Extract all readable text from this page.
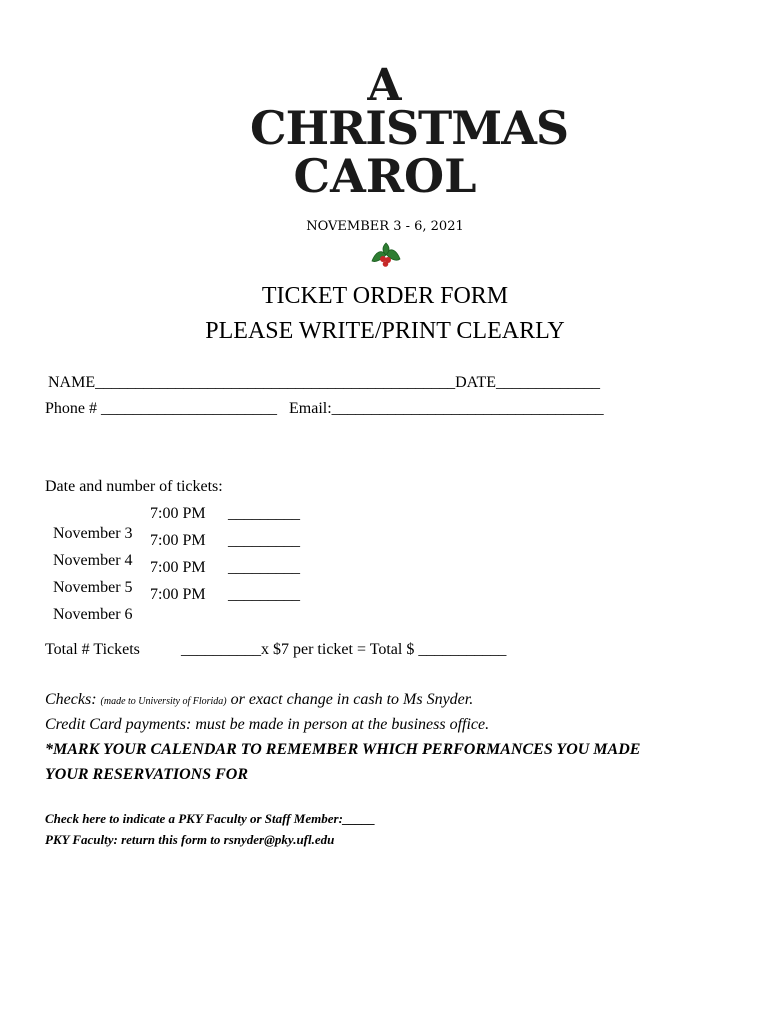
A
CHRISTMAS
CAROL
NOVEMBER 3 - 6, 2021
TICKET ORDER FORM
PLEASE WRITE/PRINT CLEARLY
NAME_____________________________________________DATE_____________
Phone # ______________________ Email:__________________________________
Date and number of tickets:

November 3

7:00 PM _________

November 4

7:00 PM _________

November 5

7:00 PM _________

November 6

7:00 PM _________
Total # Tickets	__________x $7 per ticket = Total $ ___________
Checks: (made to University of Florida) or exact change in cash to Ms Snyder.
Credit Card payments: must be made in person at the business office.
*MARK YOUR CALENDAR TO REMEMBER WHICH PERFORMANCES YOU MADE
YOUR RESERVATIONS FOR
Check here to indicate a PKY Faculty or Staff Member:_____
PKY Faculty: return this form to rsnyder@pky.ufl.edu
